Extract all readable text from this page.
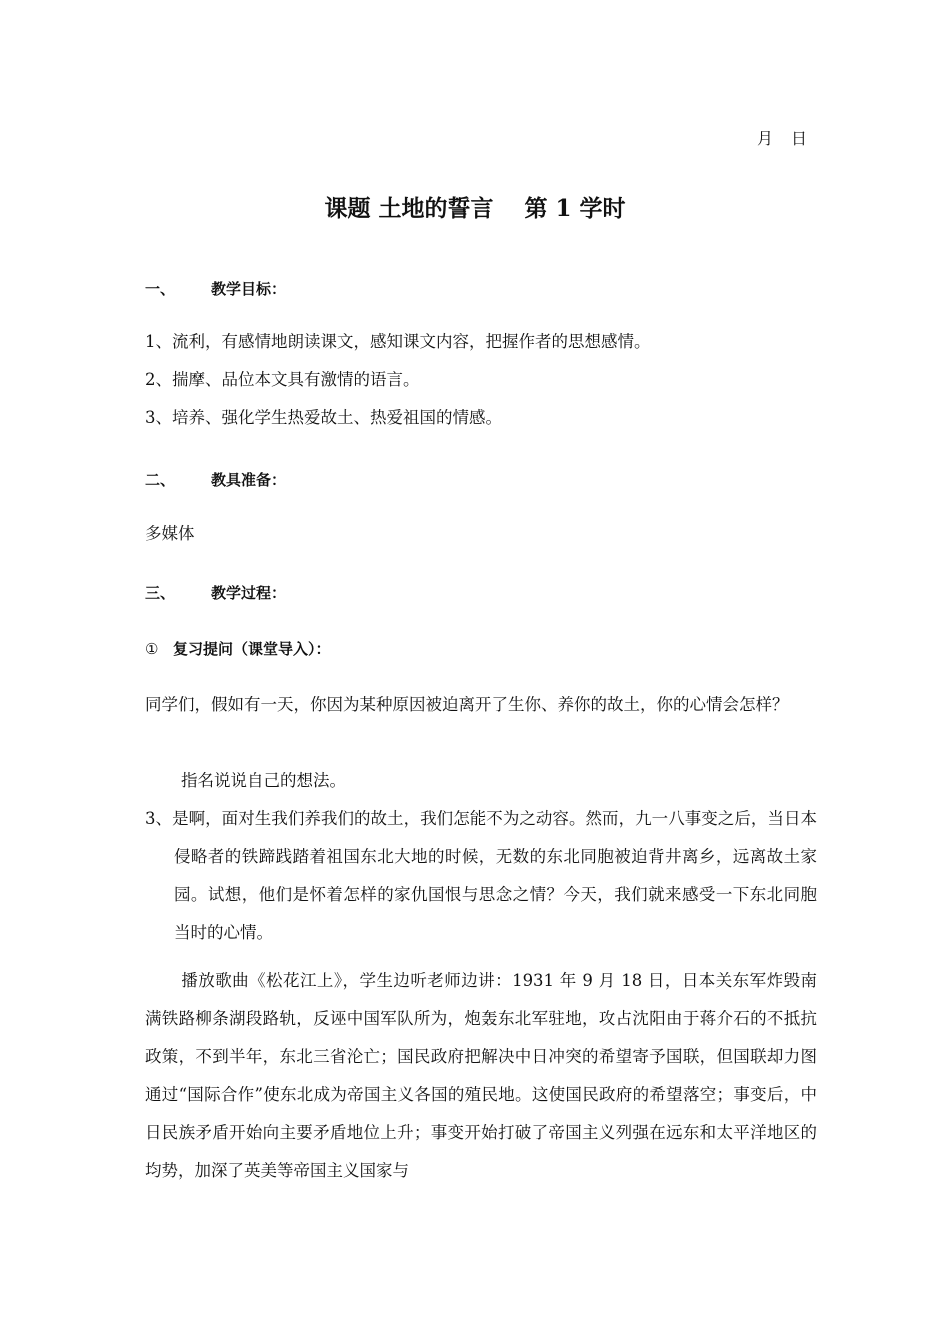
月　日
课题 土地的誓言　 第 1 学时
一、 教学目标：
1、流利，有感情地朗读课文，感知课文内容，把握作者的思想感情。
2、揣摩、品位本文具有激情的语言。
3、培养、强化学生热爱故土、热爱祖国的情感。
二、 教具准备：
多媒体
三、 教学过程：
① 复习提问（课堂导入）：
同学们，假如有一天，你因为某种原因被迫离开了生你、养你的故土，你的心情会怎样？
指名说说自己的想法。
3、是啊，面对生我们养我们的故土，我们怎能不为之动容。然而，九一八事变之后，当日本侵略者的铁蹄践踏着祖国东北大地的时候，无数的东北同胞被迫背井离乡，远离故土家园。试想，他们是怀着怎样的家仇国恨与思念之情？今天，我们就来感受一下东北同胞当时的心情。
播放歌曲《松花江上》，学生边听老师边讲：1931 年 9 月 18 日，日本关东军炸毁南满铁路柳条湖段路轨，反诬中国军队所为，炮轰东北军驻地，攻占沈阳由于蒋介石的不抵抗政策，不到半年，东北三省沦亡；国民政府把解决中日冲突的希望寄予国联，但国联却力图通过“国际合作”使东北成为帝国主义各国的殖民地。这使国民政府的希望落空；事变后，中日民族矛盾开始向主要矛盾地位上升；事变开始打破了帝国主义列强在远东和太平洋地区的均势，加深了英美等帝国主义国家与
